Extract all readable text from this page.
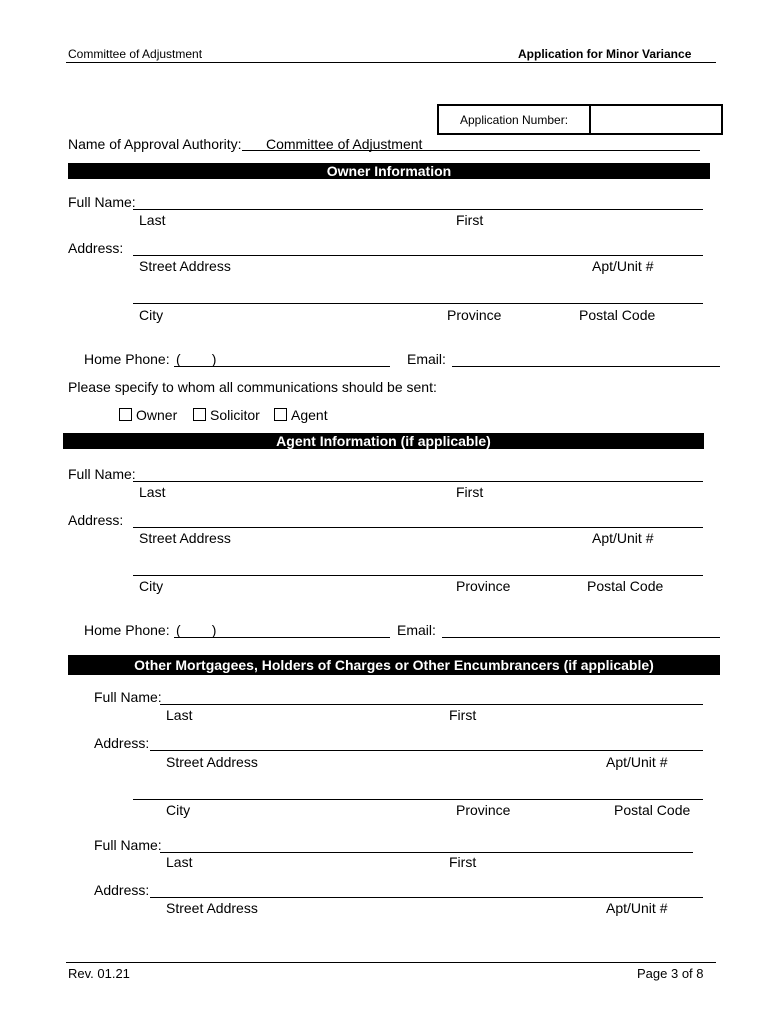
Committee of Adjustment	Application for Minor Variance
Application Number:
Name of Approval Authority: Committee of Adjustment
Owner Information
Full Name:
Last	First
Address:
Street Address	Apt/Unit #
City	Province	Postal Code
Home Phone: (        )	Email:
Please specify to whom all communications should be sent:
Owner Solicitor Agent
Agent Information (if applicable)
Full Name:
Last	First
Address:
Street Address	Apt/Unit #
City	Province	Postal Code
Home Phone: (        )	Email:
Other Mortgagees, Holders of Charges or Other Encumbrancers (if applicable)
Full Name:
Last	First
Address:
Street Address	Apt/Unit #
City	Province	Postal Code
Full Name:
Last	First
Address:
Street Address	Apt/Unit #
Rev. 01.21	Page 3 of 8
